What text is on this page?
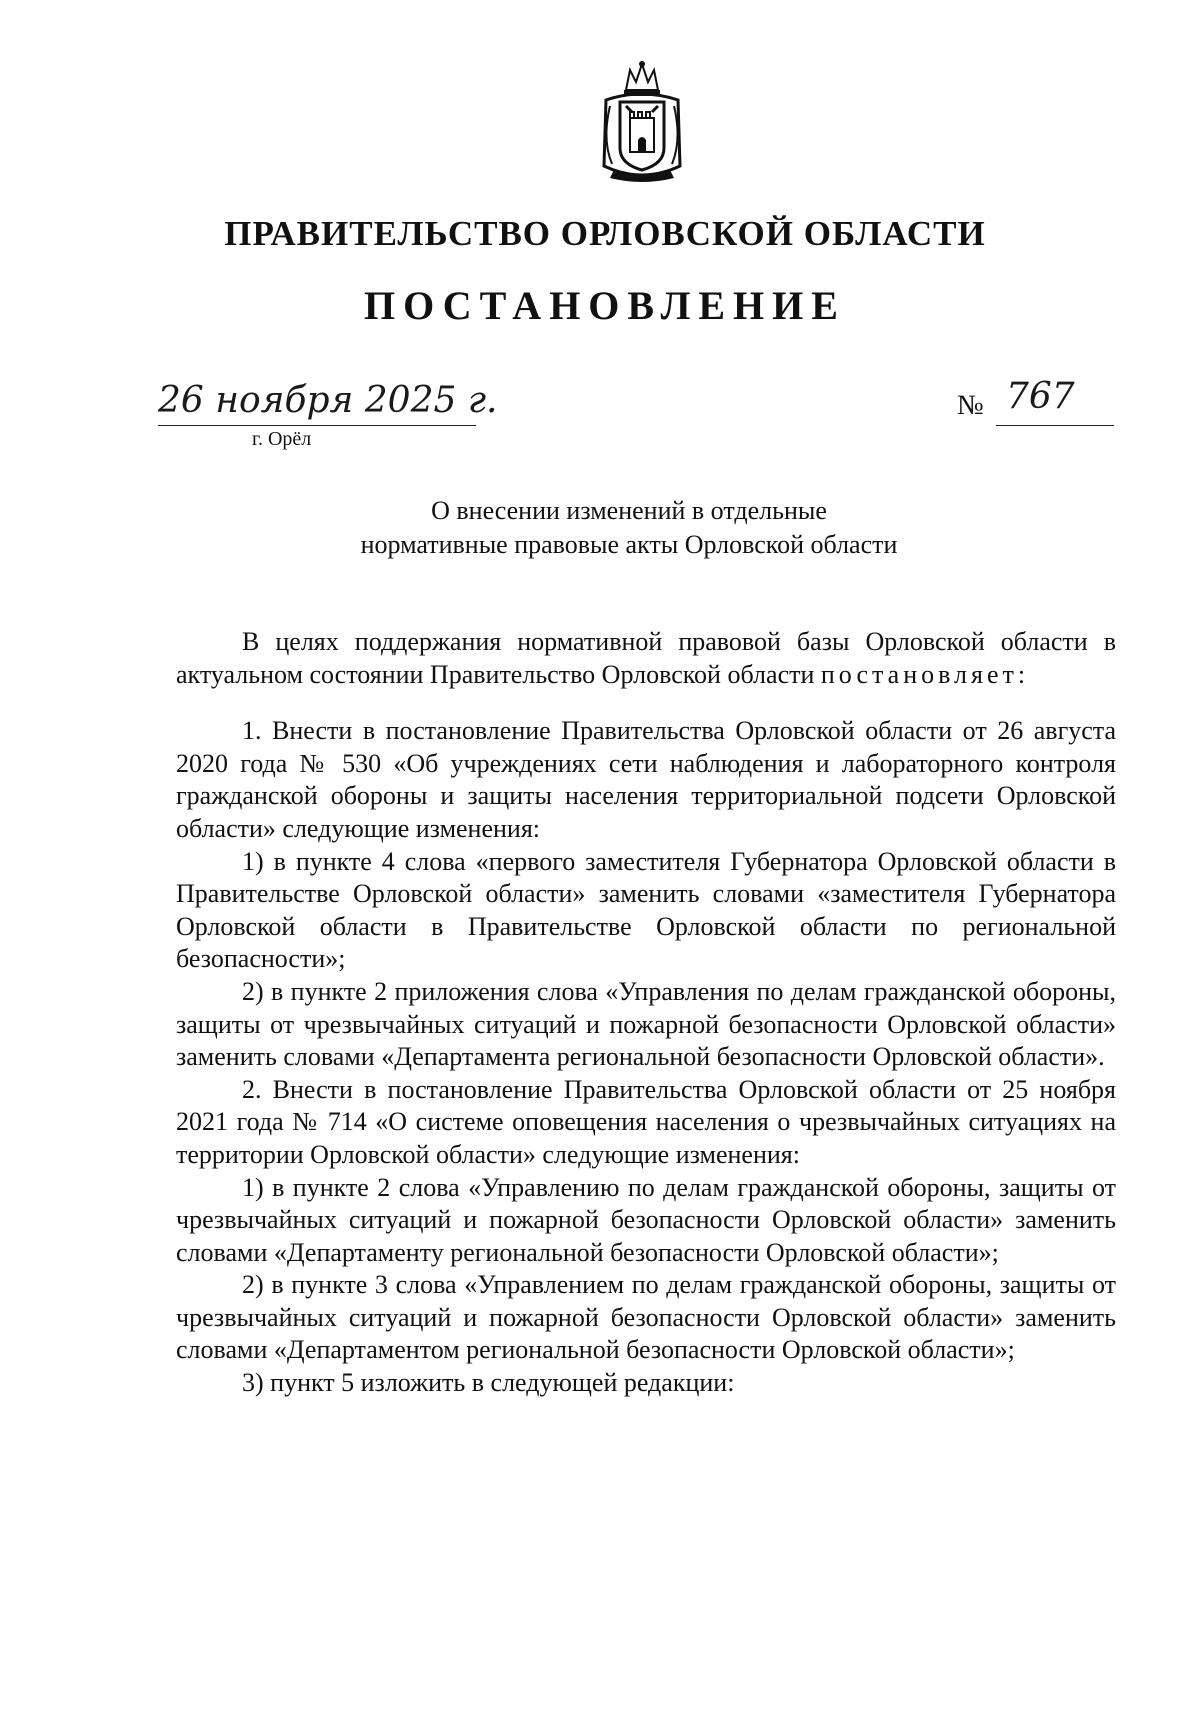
ПРАВИТЕЛЬСТВО ОРЛОВСКОЙ ОБЛАСТИ
ПОСТАНОВЛЕНИЕ
26 ноября 2025 г.
г. Орёл
№ 767
О внесении изменений в отдельные
нормативные правовые акты Орловской области

В целях поддержания нормативной правовой базы Орловской области в актуальном состоянии Правительство Орловской области постановляет:

1. Внести в постановление Правительства Орловской области от 26 августа 2020 года № 530 «Об учреждениях сети наблюдения и лабораторного контроля гражданской обороны и защиты населения территориальной подсети Орловской области» следующие изменения:

1) в пункте 4 слова «первого заместителя Губернатора Орловской области в Правительстве Орловской области» заменить словами «заместителя Губернатора Орловской области в Правительстве Орловской области по региональной безопасности»;

2) в пункте 2 приложения слова «Управления по делам гражданской обороны, защиты от чрезвычайных ситуаций и пожарной безопасности Орловской области» заменить словами «Департамента региональной безопасности Орловской области».

2. Внести в постановление Правительства Орловской области от 25 ноября 2021 года № 714 «О системе оповещения населения о чрезвычайных ситуациях на территории Орловской области» следующие изменения:

1) в пункте 2 слова «Управлению по делам гражданской обороны, защиты от чрезвычайных ситуаций и пожарной безопасности Орловской области» заменить словами «Департаменту региональной безопасности Орловской области»;

2) в пункте 3 слова «Управлением по делам гражданской обороны, защиты от чрезвычайных ситуаций и пожарной безопасности Орловской области» заменить словами «Департаментом региональной безопасности Орловской области»;

3) пункт 5 изложить в следующей редакции:
